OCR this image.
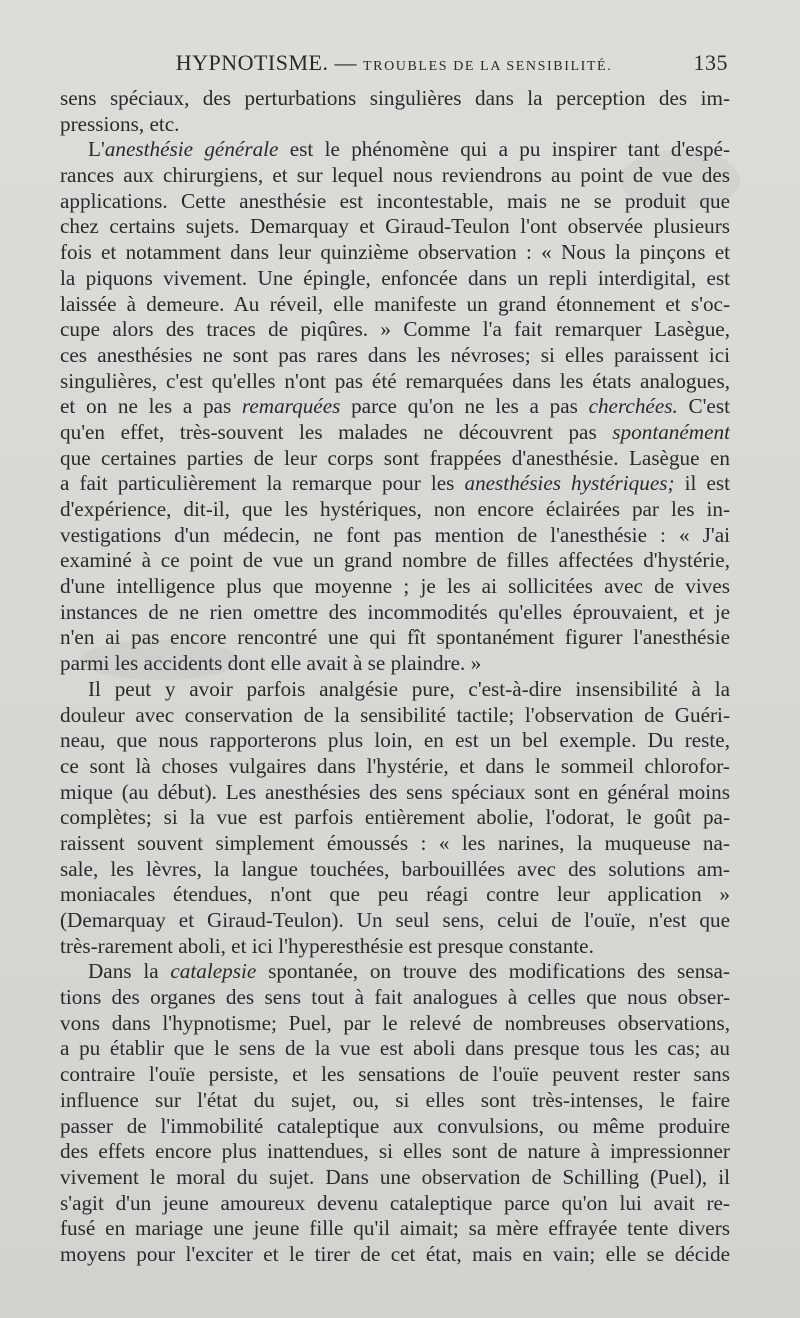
HYPNOTISME. — TROUBLES DE LA SENSIBILITÉ.	135
sens spéciaux, des perturbations singulières dans la perception des im-
pressions, etc.
L'anesthésie générale est le phénomène qui a pu inspirer tant d'espé-
rances aux chirurgiens, et sur lequel nous reviendrons au point de vue des
applications. Cette anesthésie est incontestable, mais ne se produit que
chez certains sujets. Demarquay et Giraud-Teulon l'ont observée plusieurs
fois et notamment dans leur quinzième observation : « Nous la pinçons et
la piquons vivement. Une épingle, enfoncée dans un repli interdigital, est
laissée à demeure. Au réveil, elle manifeste un grand étonnement et s'oc-
cupe alors des traces de piqûres. » Comme l'a fait remarquer Lasègue,
ces anesthésies ne sont pas rares dans les névroses; si elles paraissent ici
singulières, c'est qu'elles n'ont pas été remarquées dans les états analogues,
et on ne les a pas remarquées parce qu'on ne les a pas cherchées. C'est
qu'en effet, très-souvent les malades ne découvrent pas spontanément
que certaines parties de leur corps sont frappées d'anesthésie. Lasègue en
a fait particulièrement la remarque pour les anesthésies hystériques; il est
d'expérience, dit-il, que les hystériques, non encore éclairées par les in-
vestigations d'un médecin, ne font pas mention de l'anesthésie : « J'ai
examiné à ce point de vue un grand nombre de filles affectées d'hystérie,
d'une intelligence plus que moyenne ; je les ai sollicitées avec de vives
instances de ne rien omettre des incommodités qu'elles éprouvaient, et je
n'en ai pas encore rencontré une qui fît spontanément figurer l'anesthésie
parmi les accidents dont elle avait à se plaindre. »
Il peut y avoir parfois analgésie pure, c'est-à-dire insensibilité à la
douleur avec conservation de la sensibilité tactile; l'observation de Guéri-
neau, que nous rapporterons plus loin, en est un bel exemple. Du reste,
ce sont là choses vulgaires dans l'hystérie, et dans le sommeil chlorofor-
mique (au début). Les anesthésies des sens spéciaux sont en général moins
complètes; si la vue est parfois entièrement abolie, l'odorat, le goût pa-
raissent souvent simplement émoussés : « les narines, la muqueuse na-
sale, les lèvres, la langue touchées, barbouillées avec des solutions am-
moniacales étendues, n'ont que peu réagi contre leur application »
(Demarquay et Giraud-Teulon). Un seul sens, celui de l'ouïe, n'est que
très-rarement aboli, et ici l'hyperesthésie est presque constante.
Dans la catalepsie spontanée, on trouve des modifications des sensa-
tions des organes des sens tout à fait analogues à celles que nous obser-
vons dans l'hypnotisme; Puel, par le relevé de nombreuses observations,
a pu établir que le sens de la vue est aboli dans presque tous les cas; au
contraire l'ouïe persiste, et les sensations de l'ouïe peuvent rester sans
influence sur l'état du sujet, ou, si elles sont très-intenses, le faire
passer de l'immobilité cataleptique aux convulsions, ou même produire
des effets encore plus inattendues, si elles sont de nature à impressionner
vivement le moral du sujet. Dans une observation de Schilling (Puel), il
s'agit d'un jeune amoureux devenu cataleptique parce qu'on lui avait re-
fusé en mariage une jeune fille qu'il aimait; sa mère effrayée tente divers
moyens pour l'exciter et le tirer de cet état, mais en vain; elle se décide
